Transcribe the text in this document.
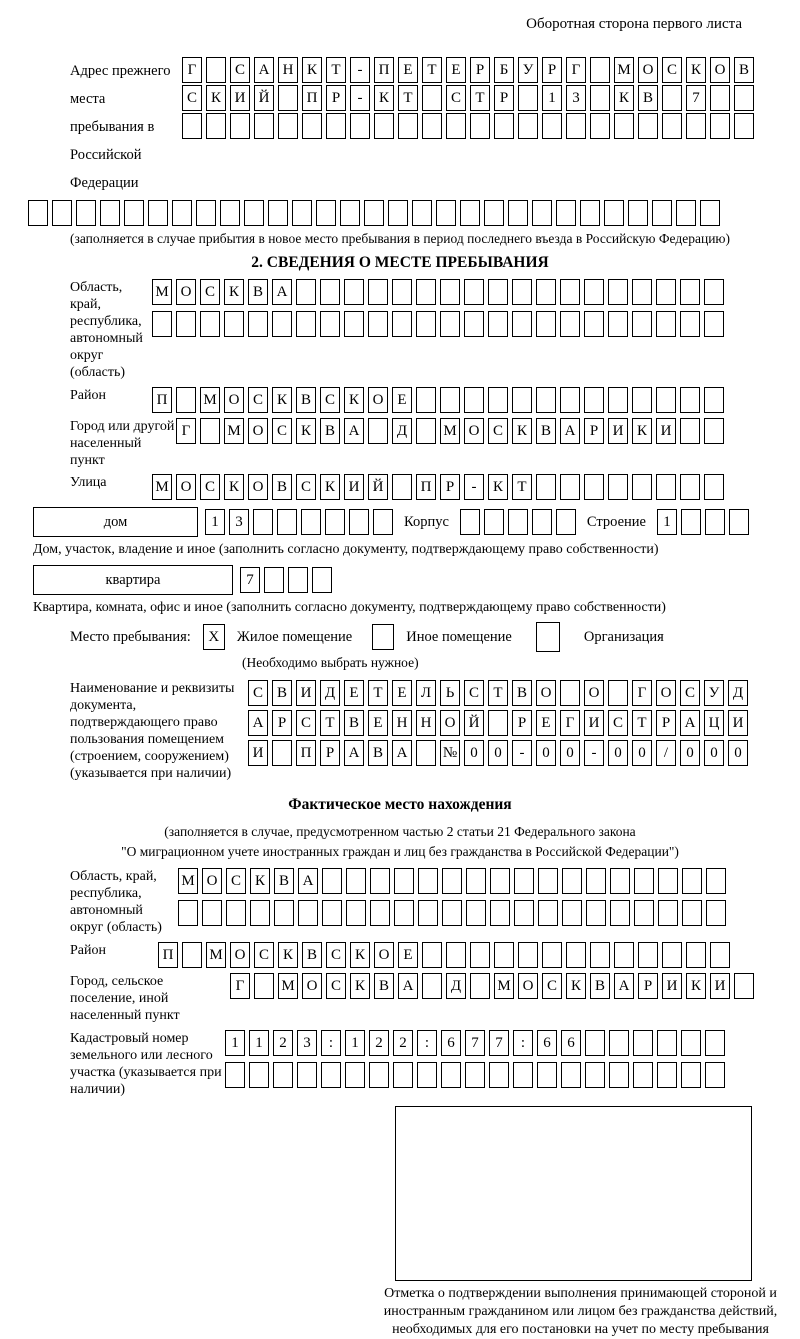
Оборотная сторона первого листа
Адрес прежнего места пребывания в Российской Федерации
Г	С А Н К Т	-	П Е Т Е	Р	Б У Р	Г	М О С К О В
С К И Й	П Р	-	К Т	С Т	Р	1	3	К В	7
(заполняется в случае прибытия в новое место пребывания в период последнего въезда в Российскую Федерацию)
2. СВЕДЕНИЯ О МЕСТЕ ПРЕБЫВАНИЯ
Область, край, республика, автономный округ (область)
М О С К В А
Район	П	М О С К В С К О Е
Город или другой населенный пункт
Г	М О С К В А	Д	М О С К В А Р И К И
Улица	М О С К О В С К И Й	П Р	-	К Т
дом	1	3	Корпус	Строение	1
Дом, участок, владение и иное (заполнить согласно документу, подтверждающему право собственности)
квартира	7
Квартира, комната, офис и иное (заполнить согласно документу, подтверждающему право собственности)
Место пребывания:	X	Жилое помещение	Иное помещение	Организация
(Необходимо выбрать нужное)
Наименование и реквизиты документа, подтверждающего право пользования помещением (строением, сооружением) (указывается при наличии)
С В И Д Е Т Е Л Ь С Т В О	О	Г О С У Д
А Р С Т В Е Н Н О Й	Р	Е	Г И С Т	Р А Ц И
И	П Р А В А	№ 0	0	-	0	0	-	0	0	/	0	0	0
Фактическое место нахождения
(заполняется в случае, предусмотренном частью 2 статьи 21 Федерального закона
"О миграционном учете иностранных граждан и лиц без гражданства в Российской Федерации")
Область, край, республика, автономный округ (область)
М О С К В А
Район	П	М О С К В С К О Е
Город, сельское поселение, иной населенный пункт
Г	М О С К В А	Д	М О С К В А Р И К И
Кадастровый номер земельного или лесного участка (указывается при наличии)
1	1	2	3	:	1	2	2	:	6	7	7	:	6	6
Отметка о подтверждении выполнения принимающей стороной и иностранным гражданином или лицом без гражданства действий, необходимых для его постановки на учет по месту пребывания
